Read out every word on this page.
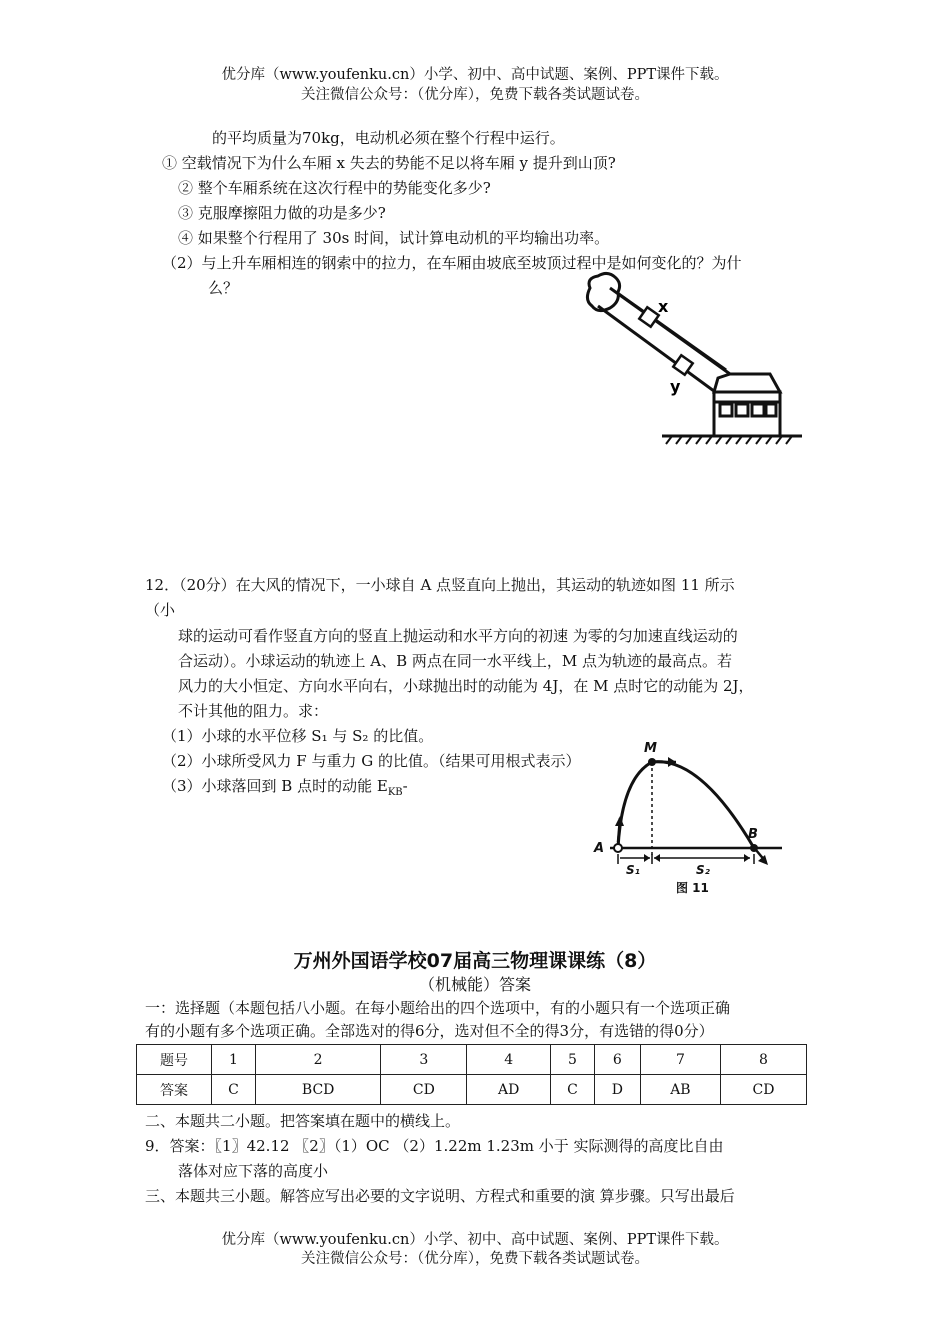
优分库（www.youfenku.cn）小学、初中、高中试题、案例、PPT课件下载。
关注微信公众号：（优分库），免费下载各类试题试卷。
的平均质量为70kg，电动机必须在整个行程中运行。
① 空载情况下为什么车厢 x 失去的势能不足以将车厢 y 提升到山顶?
② 整个车厢系统在这次行程中的势能变化多少?
③ 克服摩擦阻力做的功是多少?
④ 如果整个行程用了 30s 时间，试计算电动机的平均输出功率。
（2）与上升车厢相连的钢索中的拉力，在车厢由坡底至坡顶过程中是如何变化的？为什
么？
x
y
12．（20分）在大风的情况下，一小球自 A 点竖直向上抛出，其运动的轨迹如图 11 所示
（小
球的运动可看作竖直方向的竖直上抛运动和水平方向的初速 为零的匀加速直线运动的
合运动）。小球运动的轨迹上 A、B 两点在同一水平线上，M 点为轨迹的最高点。若
风力的大小恒定、方向水平向右，小球抛出时的动能为 4J，在 M 点时它的动能为 2J，
不计其他的阻力。求：
（1）小球的水平位移 S₁ 与 S₂ 的比值。
（2）小球所受风力 F 与重力 G 的比值。（结果可用根式表示）
（3）小球落回到 B 点时的动能 $E_{KB}-$
M
A
B
S₁	S₂
图 11
万州外国语学校07届高三物理课课练（8）
（机械能）答案
一：选择题（本题包括八小题。在每小题给出的四个选项中，有的小题只有一个选项正确
有的小题有多个选项正确。全部选对的得6分，选对但不全的得3分，有选错的得0分）
题号	1	2	3	4	5	6	7	8
答案	C	BCD	CD	AD	C	D	AB	CD
二、本题共二小题。把答案填在题中的横线上。
9．答案：〖1〗42.12 〖2〗（1）OC （2）1.22m 1.23m 小于 实际测得的高度比自由
落体对应下落的高度小
三、本题共三小题。解答应写出必要的文字说明、方程式和重要的演 算步骤。只写出最后
优分库（www.youfenku.cn）小学、初中、高中试题、案例、PPT课件下载。
关注微信公众号：（优分库），免费下载各类试题试卷。
